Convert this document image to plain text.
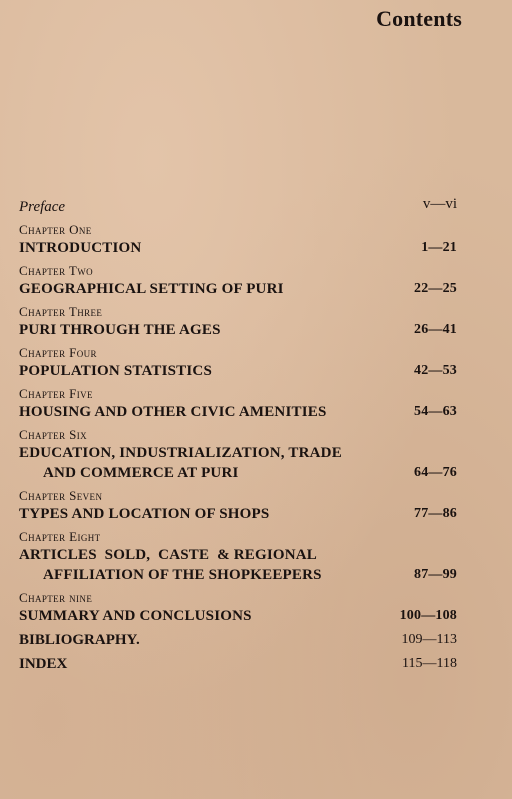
Contents
Preface	v—vi
Chapter One
INTRODUCTION	1—21
Chapter Two
GEOGRAPHICAL SETTING OF PURI	22—25
Chapter Three
PURI THROUGH THE AGES	26—41
Chapter Four
POPULATION STATISTICS	42—53
Chapter Five
HOUSING AND OTHER CIVIC AMENITIES	54—63
Chapter Six
EDUCATION, INDUSTRIALIZATION, TRADE
AND COMMERCE AT PURI	64—76
Chapter Seven
TYPES AND LOCATION OF SHOPS	77—86
Chapter Eight
ARTICLES  SOLD,  CASTE  & REGIONAL
AFFILIATION OF THE SHOPKEEPERS	87—99
Chapter nine
SUMMARY AND CONCLUSIONS	100—108
BIBLIOGRAPHY.	109—113
INDEX	115—118
